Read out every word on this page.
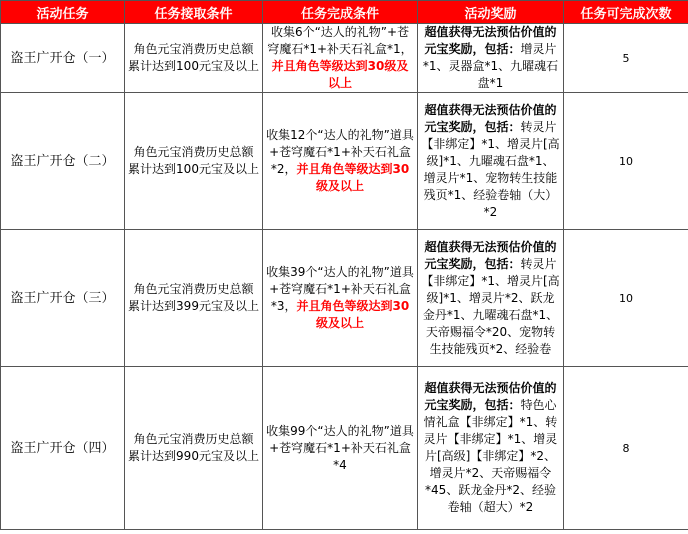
活动任务	任务接取条件	任务完成条件	活动奖励	任务可完成次数
盗王广开仓（一）	角色元宝消费历史总额累计达到100元宝及以上	收集6个“达人的礼物”+苍穹魔石*1+补天石礼盒*1，并且角色等级达到30级及以上	超值获得无法预估价值的元宝奖励，包括：增灵片*1、灵器盒*1、九曜魂石盘*1	5
盗王广开仓（二）	角色元宝消费历史总额累计达到100元宝及以上	收集12个“达人的礼物”道具+苍穹魔石*1+补天石礼盒*2，并且角色等级达到30级及以上	超值获得无法预估价值的元宝奖励，包括：转灵片【非绑定】*1、增灵片[高级]*1、九曜魂石盘*1、增灵片*1、宠物转生技能残页*1、经验卷轴（大）*2	10
盗王广开仓（三）	角色元宝消费历史总额累计达到399元宝及以上	收集39个“达人的礼物”道具+苍穹魔石*1+补天石礼盒*3，并且角色等级达到30级及以上	超值获得无法预估价值的元宝奖励，包括：转灵片【非绑定】*1、增灵片[高级]*1、增灵片*2、跃龙金丹*1、九曜魂石盘*1、天帝赐福令*20、宠物转生技能残页*2、经验卷	10
盗王广开仓（四）	角色元宝消费历史总额累计达到990元宝及以上	收集99个“达人的礼物”道具+苍穹魔石*1+补天石礼盒*4	超值获得无法预估价值的元宝奖励，包括：特色心情礼盒【非绑定】*1、转灵片【非绑定】*1、增灵片[高级]【非绑定】*2、增灵片*2、天帝赐福令*45、跃龙金丹*2、经验卷轴（超大）*2	8
